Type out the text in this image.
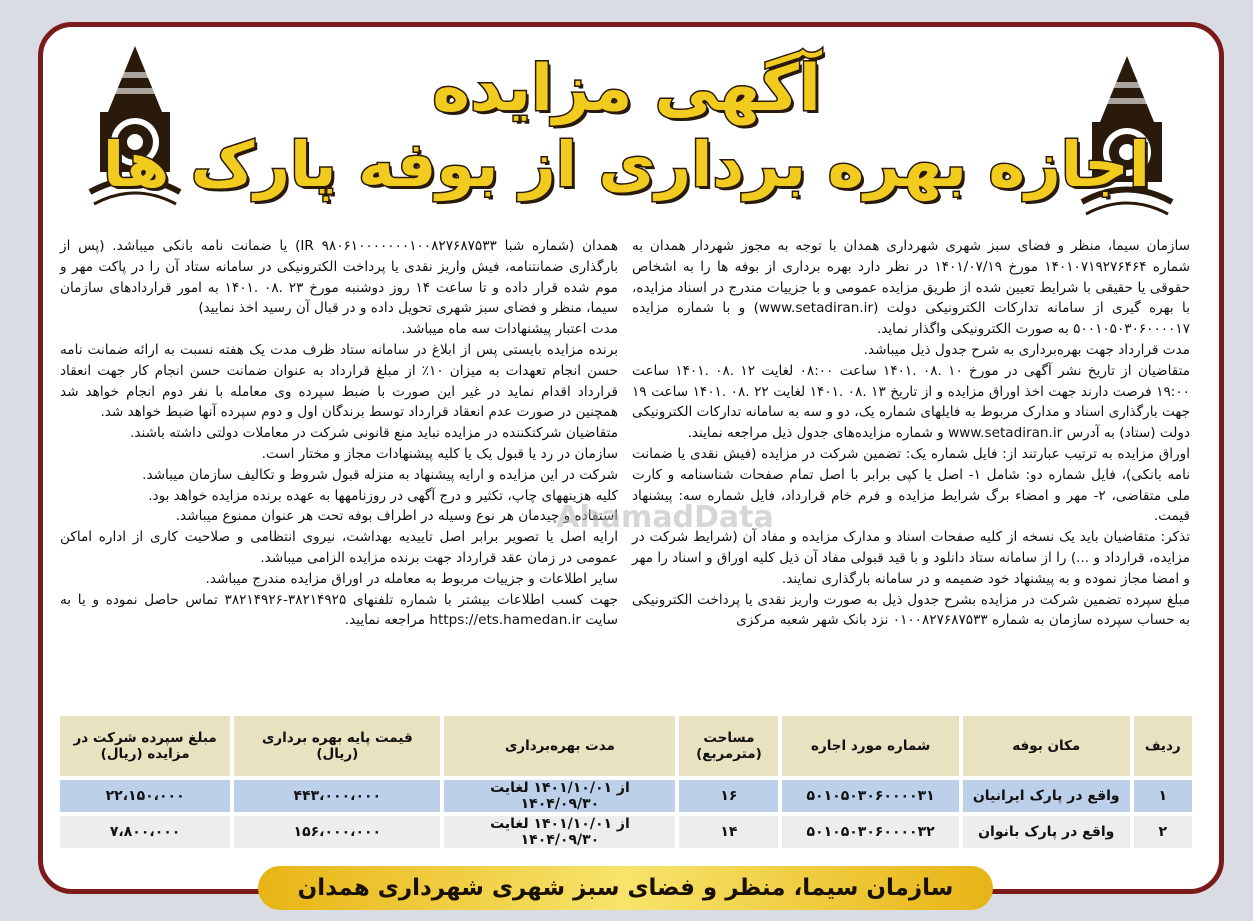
آگهی مزایده
اجازه بهره برداری از بوفه پارک ها

سازمان سیما، منظر و فضای سبز شهری شهرداری همدان با توجه به مجوز شهردار همدان به شماره ۱۴۰۱۰۷۱۹۲۷۶۴۶۴ مورخ ۱۴۰۱/۰۷/۱۹ در نظر دارد بهره برداری از بوفه ها را به اشخاص حقوقی یا حقیقی با شرایط تعیین شده از طریق مزایده عمومی و با جزییات مندرج در اسناد مزایده، با بهره گیری از سامانه تدارکات الکترونیکی دولت (www.setadiran.ir) و با شماره مزایده ۵۰۰۱۰۵۰۳۰۶۰۰۰۰۱۷ به صورت الکترونیکی واگذار نماید.

مدت قرارداد جهت بهره‌برداری به شرح جدول ذیل میباشد.

متقاضیان از تاریخ نشر آگهی در مورخ ۱۰ .۰۸ .۱۴۰۱ ساعت ۰۸:۰۰ لغایت ۱۲ .۰۸ .۱۴۰۱ ساعت ۱۹:۰۰ فرصت دارند جهت اخذ اوراق مزایده و از تاریخ ۱۳ .۰۸ .۱۴۰۱ لغایت ۲۲ .۰۸ .۱۴۰۱ ساعت ۱۹ جهت بارگذاری اسناد و مدارک مربوط به فایلهای شماره یک، دو و سه به سامانه تدارکات الکترونیکی دولت (ستاد) به آدرس www.setadiran.ir و شماره مزایده‌های جدول ذیل مراجعه نمایند.

اوراق مزایده به ترتیب عبارتند از: فایل شماره یک: تضمین شرکت در مزایده (فیش نقدی یا ضمانت نامه بانکی)، فایل شماره دو: شامل ۱- اصل یا کپی برابر با اصل تمام صفحات شناسنامه و کارت ملی متقاضی، ۲- مهر و امضاء برگ شرایط مزایده و فرم خام قرارداد، فایل شماره سه: پیشنهاد قیمت.

تذکر: متقاضیان باید یک نسخه از کلیه صفحات اسناد و مدارک مزایده و مفاد آن (شرایط شرکت در مزایده، قرارداد و ...) را از سامانه ستاد دانلود و با قید قبولی مفاد آن ذیل کلیه اوراق و اسناد را مهر و امضا مجاز نموده و به پیشنهاد خود ضمیمه و در سامانه بارگذاری نمایند.

مبلغ سپرده تضمین شرکت در مزایده بشرح جدول ذیل به صورت واریز نقدی یا پرداخت الکترونیکی به حساب سپرده سازمان به شماره ۰۱۰۰۸۲۷۶۸۷۵۳۳ نزد بانک شهر شعبه مرکزی

همدان (شماره شبا IR ۹۸۰۶۱۰۰۰۰۰۰۰۱۰۰۸۲۷۶۸۷۵۳۳) یا ضمانت نامه بانکی میباشد. (پس از بارگذاری ضمانتنامه، فیش واریز نقدی یا پرداخت الکترونیکی در سامانه ستاد آن را در پاکت مهر و موم شده قرار داده و تا ساعت ۱۴ روز دوشنبه مورخ ۲۳ .۰۸ .۱۴۰۱ به امور قراردادهای سازمان سیما، منظر و فضای سبز شهری تحویل داده و در قبال آن رسید اخذ نمایید)

مدت اعتبار پیشنهادات سه ماه میباشد.

برنده مزایده بایستی پس از ابلاغ در سامانه ستاد ظرف مدت یک هفته نسبت به ارائه ضمانت نامه حسن انجام تعهدات به میزان ۱۰٪ از مبلغ قرارداد به عنوان ضمانت حسن انجام کار جهت انعقاد قرارداد اقدام نماید در غیر این صورت با ضبط سپرده وی معامله با نفر دوم انجام خواهد شد همچنین در صورت عدم انعقاد قرارداد توسط برندگان اول و دوم سپرده آنها ضبط خواهد شد.

متقاضیان شرکتکننده در مزایده نباید منع قانونی شرکت در معاملات دولتی داشته باشند.

سازمان در رد یا قبول یک یا کلیه پیشنهادات مجاز و مختار است.

شرکت در این مزایده و ارایه پیشنهاد به منزله قبول شروط و تکالیف سازمان میباشد.

کلیه هزینههای چاپ، تکثیر و درج آگهی در روزنامهها به عهده برنده مزایده خواهد بود.

استفاده و چیدمان هر نوع وسیله در اطراف بوفه تحت هر عنوان ممنوع میباشد.

ارایه اصل یا تصویر برابر اصل تاییدیه بهداشت، نیروی انتظامی و صلاحیت کاری از اداره اماکن عمومی در زمان عقد قرارداد جهت برنده مزایده الزامی میباشد.

سایر اطلاعات و جزییات مربوط به معامله در اوراق مزایده مندرج میباشد.

جهت کسب اطلاعات بیشتر با شماره تلفنهای ۳۸۲۱۴۹۲۵-۳۸۲۱۴۹۲۶ تماس حاصل نموده و یا به سایت https://ets.hamedan.ir مراجعه نمایید.

AhamadData
ردیف	مکان بوفه	شماره مورد اجاره	مساحت (مترمربع)	مدت بهره‌برداری	قیمت پایه بهره برداری (ریال)	مبلغ سپرده شرکت در مزایده (ریال)
۱	واقع در پارک ایرانیان	۵۰۱۰۵۰۳۰۶۰۰۰۰۳۱	۱۶	از ۱۴۰۱/۱۰/۰۱ لغایت ۱۴۰۴/۰۹/۳۰	۴۴۳،۰۰۰،۰۰۰	۲۲،۱۵۰،۰۰۰
۲	واقع در پارک بانوان	۵۰۱۰۵۰۳۰۶۰۰۰۰۳۲	۱۴	از ۱۴۰۱/۱۰/۰۱ لغایت ۱۴۰۴/۰۹/۳۰	۱۵۶،۰۰۰،۰۰۰	۷،۸۰۰،۰۰۰
سازمان سیما، منظر و فضای سبز شهری شهرداری همدان
